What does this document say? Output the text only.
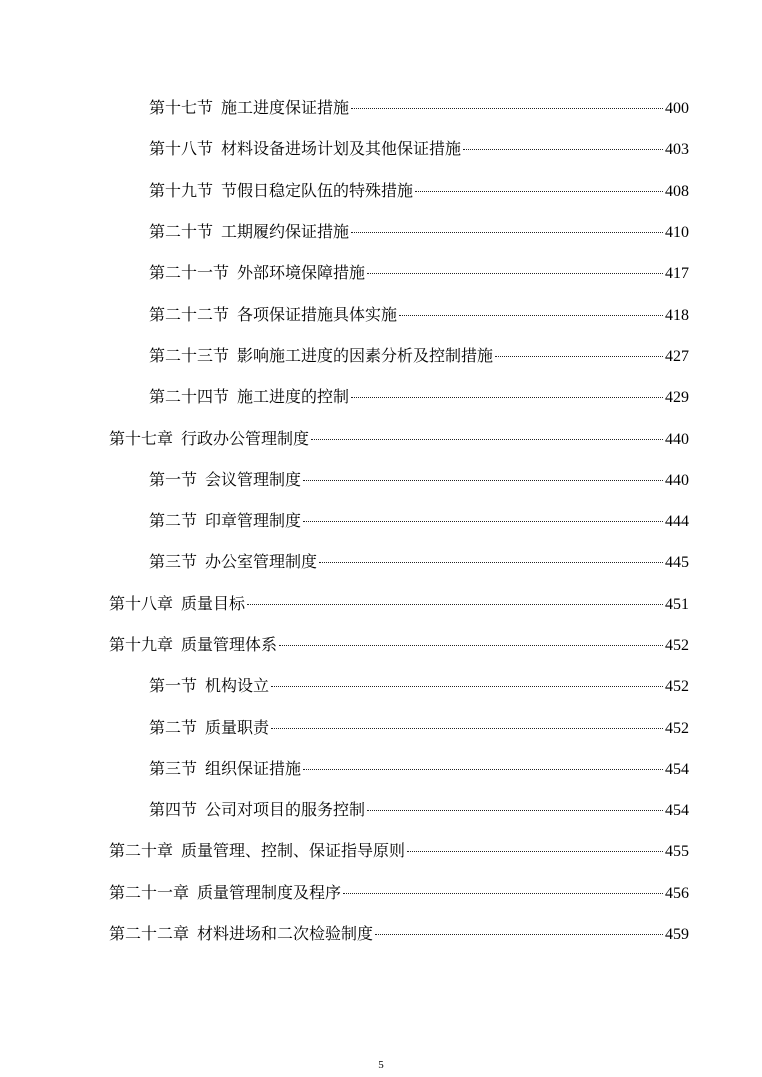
第十七节 施工进度保证措施	400
第十八节 材料设备进场计划及其他保证措施	403
第十九节 节假日稳定队伍的特殊措施	408
第二十节 工期履约保证措施	410
第二十一节 外部环境保障措施	417
第二十二节 各项保证措施具体实施	418
第二十三节 影响施工进度的因素分析及控制措施	427
第二十四节 施工进度的控制	429
第十七章 行政办公管理制度	440
第一节 会议管理制度	440
第二节 印章管理制度	444
第三节 办公室管理制度	445
第十八章 质量目标	451
第十九章 质量管理体系	452
第一节 机构设立	452
第二节 质量职责	452
第三节 组织保证措施	454
第四节 公司对项目的服务控制	454
第二十章 质量管理、控制、保证指导原则	455
第二十一章 质量管理制度及程序	456
第二十二章 材料进场和二次检验制度	459
5
